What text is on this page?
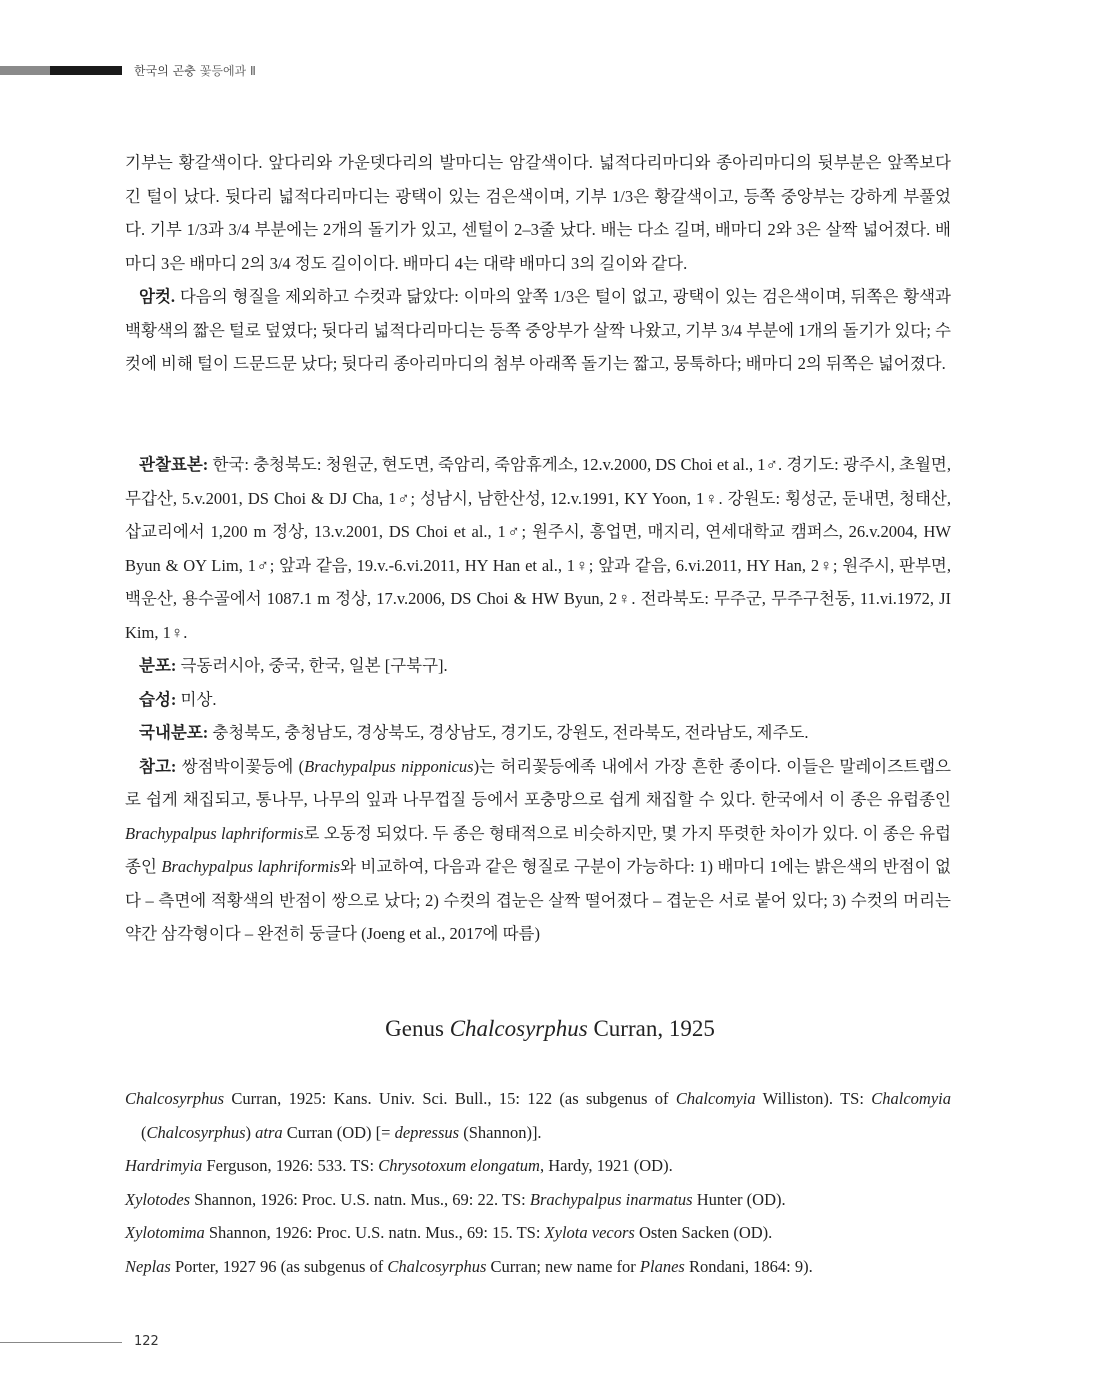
한국의 곤충 꽃등에과 Ⅱ

기부는 황갈색이다. 앞다리와 가운뎃다리의 발마디는 암갈색이다. 넓적다리마디와 종아리마디의 뒷부분은 앞쪽보다 긴 털이 났다. 뒷다리 넓적다리마디는 광택이 있는 검은색이며, 기부 1/3은 황갈색이고, 등쪽 중앙부는 강하게 부풀었다. 기부 1/3과 3/4 부분에는 2개의 돌기가 있고, 센털이 2–3줄 났다. 배는 다소 길며, 배마디 2와 3은 살짝 넓어졌다. 배마디 3은 배마디 2의 3/4 정도 길이이다. 배마디 4는 대략 배마디 3의 길이와 같다.

암컷. 다음의 형질을 제외하고 수컷과 닮았다: 이마의 앞쪽 1/3은 털이 없고, 광택이 있는 검은색이며, 뒤쪽은 황색과 백황색의 짧은 털로 덮였다; 뒷다리 넓적다리마디는 등쪽 중앙부가 살짝 나왔고, 기부 3/4 부분에 1개의 돌기가 있다; 수컷에 비해 털이 드문드문 났다; 뒷다리 종아리마디의 첨부 아래쪽 돌기는 짧고, 뭉툭하다; 배마디 2의 뒤쪽은 넓어졌다.

관찰표본: 한국: 충청북도: 청원군, 현도면, 죽암리, 죽암휴게소, 12.v.2000, DS Choi et al., 1♂. 경기도: 광주시, 초월면, 무갑산, 5.v.2001, DS Choi & DJ Cha, 1♂; 성남시, 남한산성, 12.v.1991, KY Yoon, 1♀. 강원도: 횡성군, 둔내면, 청태산, 삽교리에서 1,200 m 정상, 13.v.2001, DS Choi et al., 1♂; 원주시, 흥업면, 매지리, 연세대학교 캠퍼스, 26.v.2004, HW Byun & OY Lim, 1♂; 앞과 같음, 19.v.-6.vi.2011, HY Han et al., 1♀; 앞과 같음, 6.vi.2011, HY Han, 2♀; 원주시, 판부면, 백운산, 용수골에서 1087.1 m 정상, 17.v.2006, DS Choi & HW Byun, 2♀. 전라북도: 무주군, 무주구천동, 11.vi.1972, JI Kim, 1♀.

분포: 극동러시아, 중국, 한국, 일본 [구북구].

습성: 미상.

국내분포: 충청북도, 충청남도, 경상북도, 경상남도, 경기도, 강원도, 전라북도, 전라남도, 제주도.

참고: 쌍점박이꽃등에 (Brachypalpus nipponicus)는 허리꽃등에족 내에서 가장 흔한 종이다. 이들은 말레이즈트랩으로 쉽게 채집되고, 통나무, 나무의 잎과 나무껍질 등에서 포충망으로 쉽게 채집할 수 있다. 한국에서 이 종은 유럽종인 Brachypalpus laphriformis로 오동정 되었다. 두 종은 형태적으로 비슷하지만, 몇 가지 뚜렷한 차이가 있다. 이 종은 유럽종인 Brachypalpus laphriformis와 비교하여, 다음과 같은 형질로 구분이 가능하다: 1) 배마디 1에는 밝은색의 반점이 없다 – 측면에 적황색의 반점이 쌍으로 났다; 2) 수컷의 겹눈은 살짝 떨어졌다 – 겹눈은 서로 붙어 있다; 3) 수컷의 머리는 약간 삼각형이다 – 완전히 둥글다 (Joeng et al., 2017에 따름)

Genus Chalcosyrphus Curran, 1925

Chalcosyrphus Curran, 1925: Kans. Univ. Sci. Bull., 15: 122 (as subgenus of Chalcomyia Williston). TS: Chalcomyia (Chalcosyrphus) atra Curran (OD) [= depressus (Shannon)].

Hardrimyia Ferguson, 1926: 533. TS: Chrysotoxum elongatum, Hardy, 1921 (OD).

Xylotodes Shannon, 1926: Proc. U.S. natn. Mus., 69: 22. TS: Brachypalpus inarmatus Hunter (OD).

Xylotomima Shannon, 1926: Proc. U.S. natn. Mus., 69: 15. TS: Xylota vecors Osten Sacken (OD).

Neplas Porter, 1927 96 (as subgenus of Chalcosyrphus Curran; new name for Planes Rondani, 1864: 9).

122
